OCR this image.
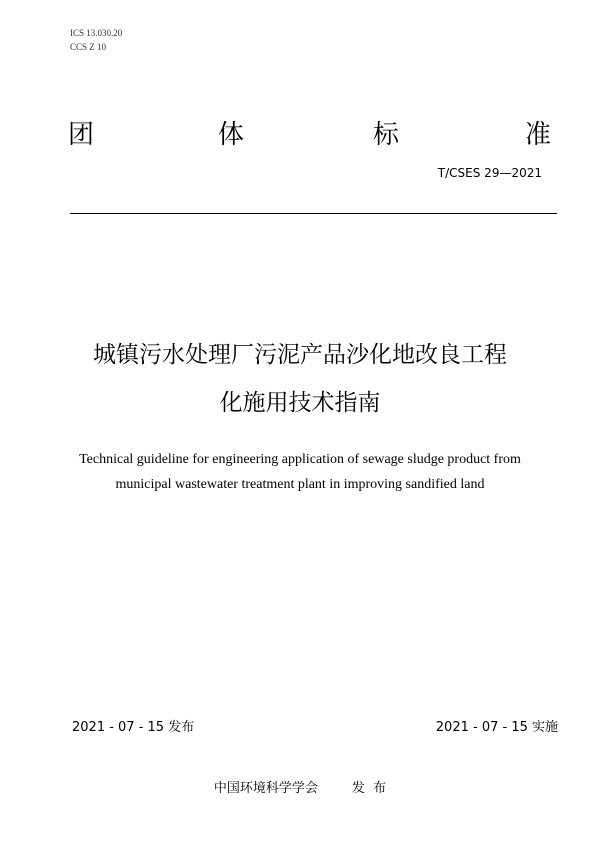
ICS 13.030.20
CCS Z 10
团	体	标	准
T/CSES 29—2021
城镇污水处理厂污泥产品沙化地改良工程
化施用技术指南
Technical guideline for engineering application of sewage sludge product from
municipal wastewater treatment plant in improving sandified land
2021 - 07 - 15 发布	2021 - 07 - 15 实施
中国环境科学学会	发  布
